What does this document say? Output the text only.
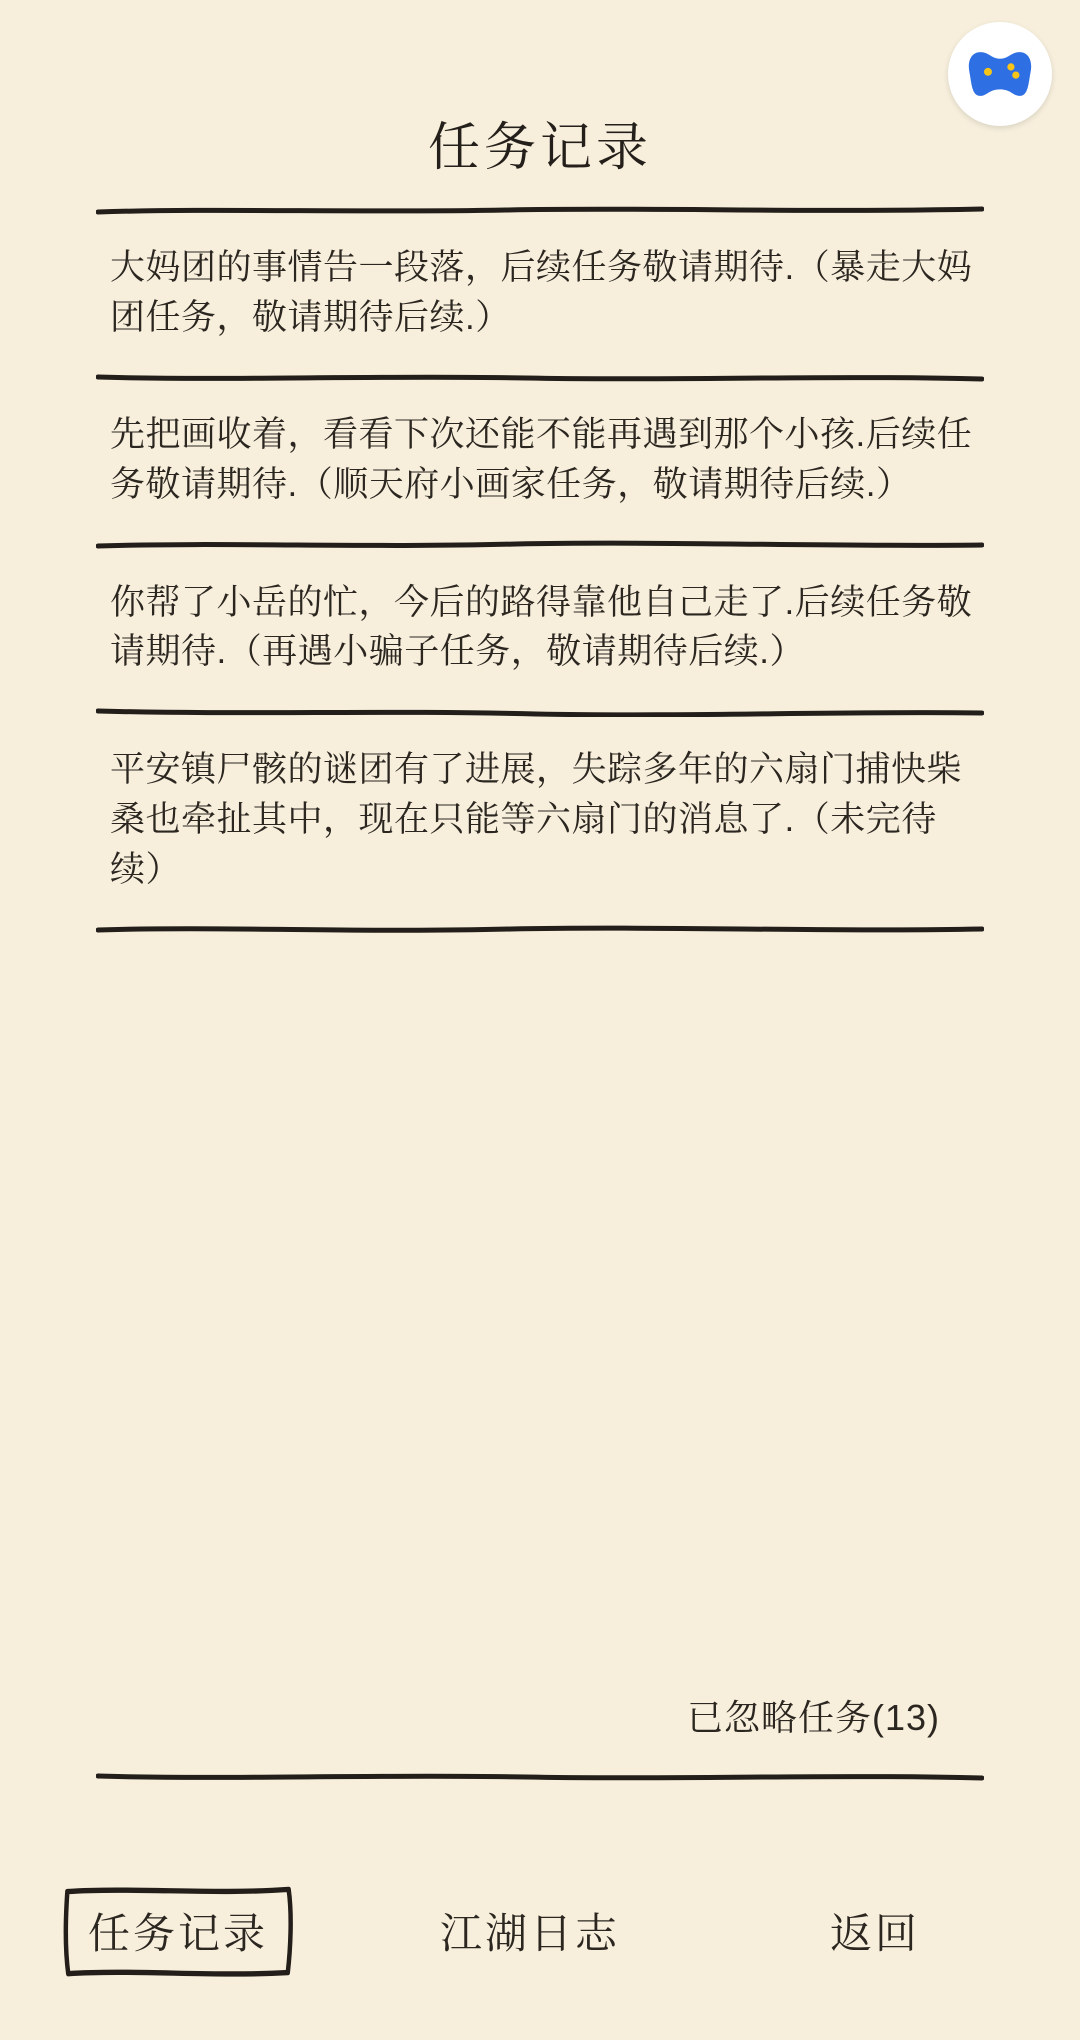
任务记录

大妈团的事情告一段落，后续任务敬请期待.（暴走大妈团任务，敬请期待后续.）

先把画收着，看看下次还能不能再遇到那个小孩.后续任务敬请期待.（顺天府小画家任务，敬请期待后续.）

你帮了小岳的忙，今后的路得靠他自己走了.后续任务敬请期待.（再遇小骗子任务，敬请期待后续.）

平安镇尸骸的谜团有了进展，失踪多年的六扇门捕快柴桑也牵扯其中，现在只能等六扇门的消息了.（未完待续）

已忽略任务(13)
任务记录	江湖日志	返回
